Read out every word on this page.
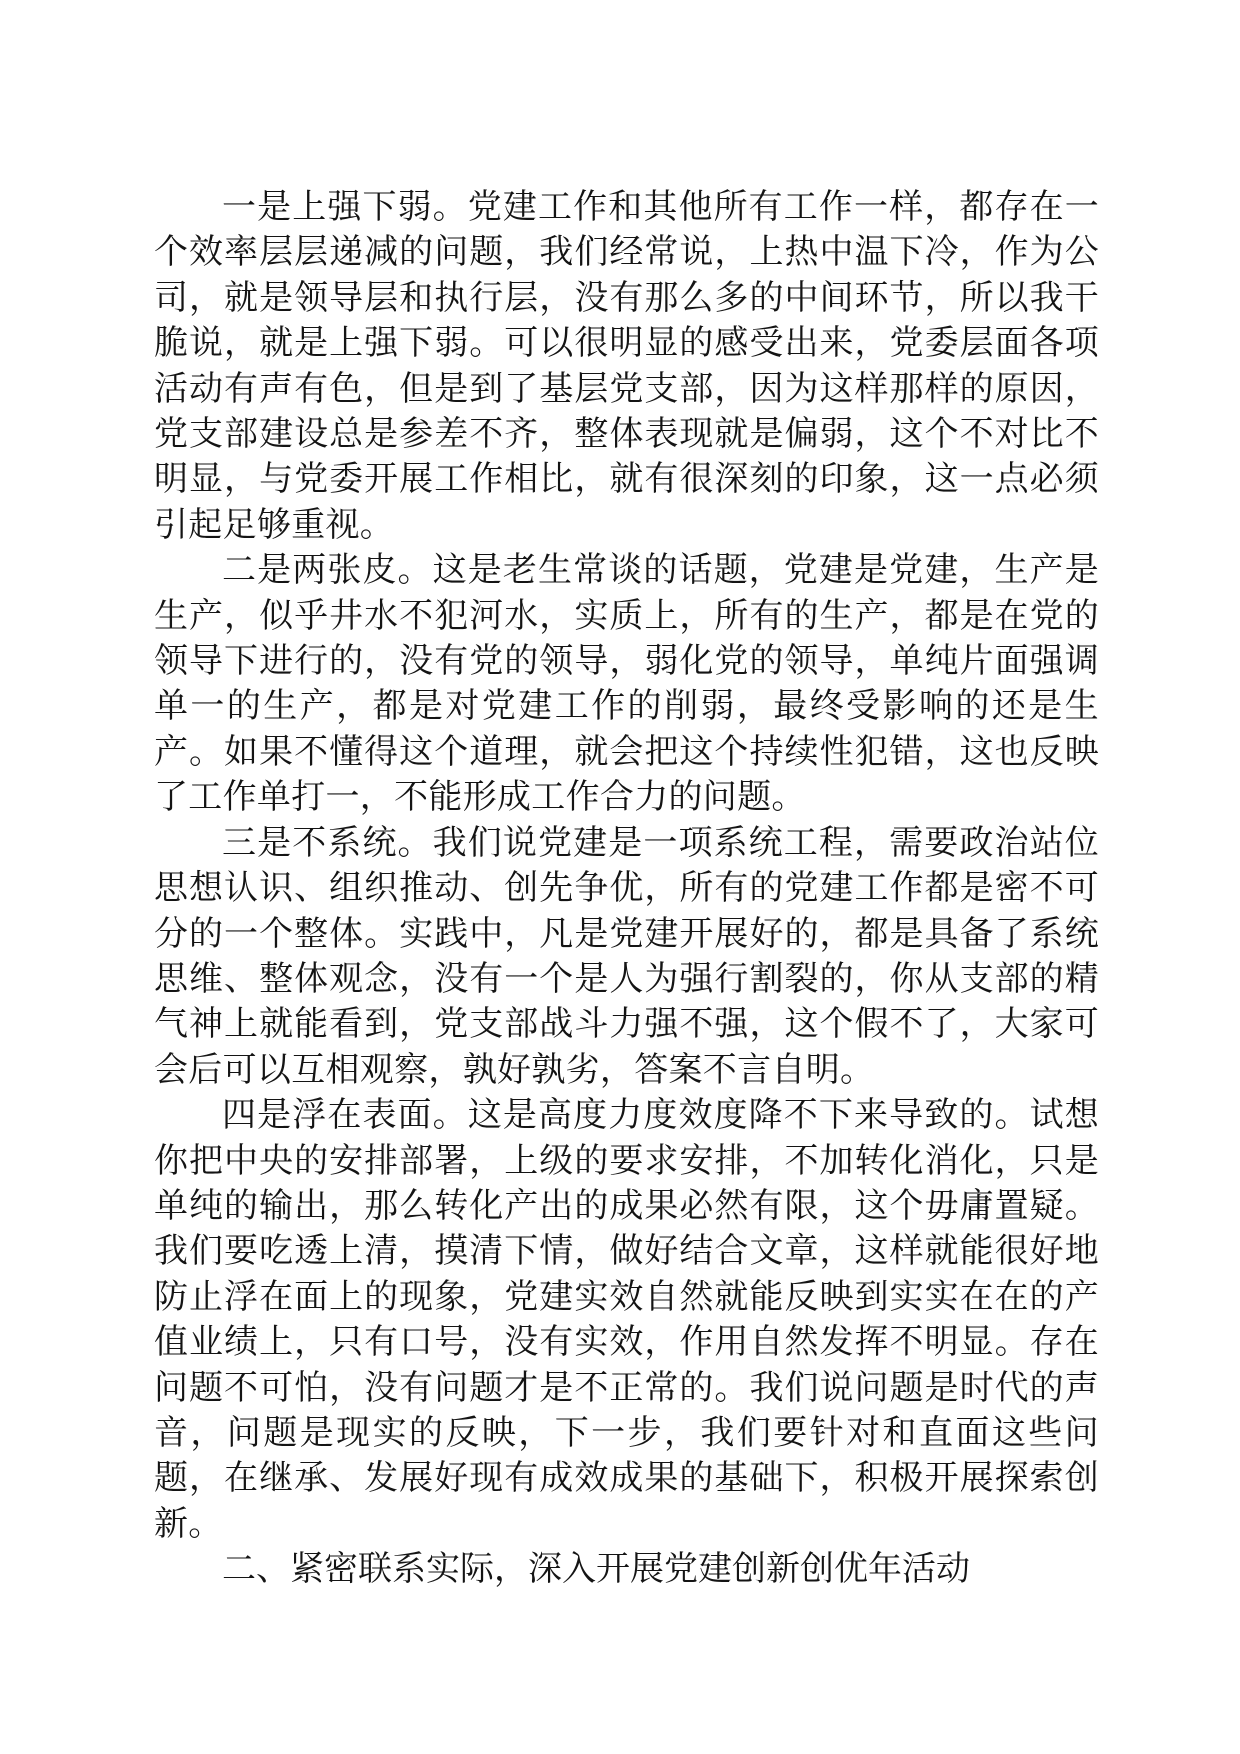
一是上强下弱。党建工作和其他所有工作一样，都存在一个效率层层递减的问题，我们经常说，上热中温下冷，作为公司，就是领导层和执行层，没有那么多的中间环节，所以我干脆说，就是上强下弱。可以很明显的感受出来，党委层面各项活动有声有色，但是到了基层党支部，因为这样那样的原因，党支部建设总是参差不齐，整体表现就是偏弱，这个不对比不明显，与党委开展工作相比，就有很深刻的印象，这一点必须引起足够重视。

二是两张皮。这是老生常谈的话题，党建是党建，生产是生产，似乎井水不犯河水，实质上，所有的生产，都是在党的领导下进行的，没有党的领导，弱化党的领导，单纯片面强调单一的生产，都是对党建工作的削弱，最终受影响的还是生产。如果不懂得这个道理，就会把这个持续性犯错，这也反映了工作单打一，不能形成工作合力的问题。

三是不系统。我们说党建是一项系统工程，需要政治站位思想认识、组织推动、创先争优，所有的党建工作都是密不可分的一个整体。实践中，凡是党建开展好的，都是具备了系统思维、整体观念，没有一个是人为强行割裂的，你从支部的精气神上就能看到，党支部战斗力强不强，这个假不了，大家可会后可以互相观察，孰好孰劣，答案不言自明。

四是浮在表面。这是高度力度效度降不下来导致的。试想你把中央的安排部署，上级的要求安排，不加转化消化，只是单纯的输出，那么转化产出的成果必然有限，这个毋庸置疑。我们要吃透上清，摸清下情，做好结合文章，这样就能很好地防止浮在面上的现象，党建实效自然就能反映到实实在在的产值业绩上，只有口号，没有实效，作用自然发挥不明显。存在问题不可怕，没有问题才是不正常的。我们说问题是时代的声音，问题是现实的反映，下一步，我们要针对和直面这些问题，在继承、发展好现有成效成果的基础下，积极开展探索创新。

二、紧密联系实际，深入开展党建创新创优年活动
